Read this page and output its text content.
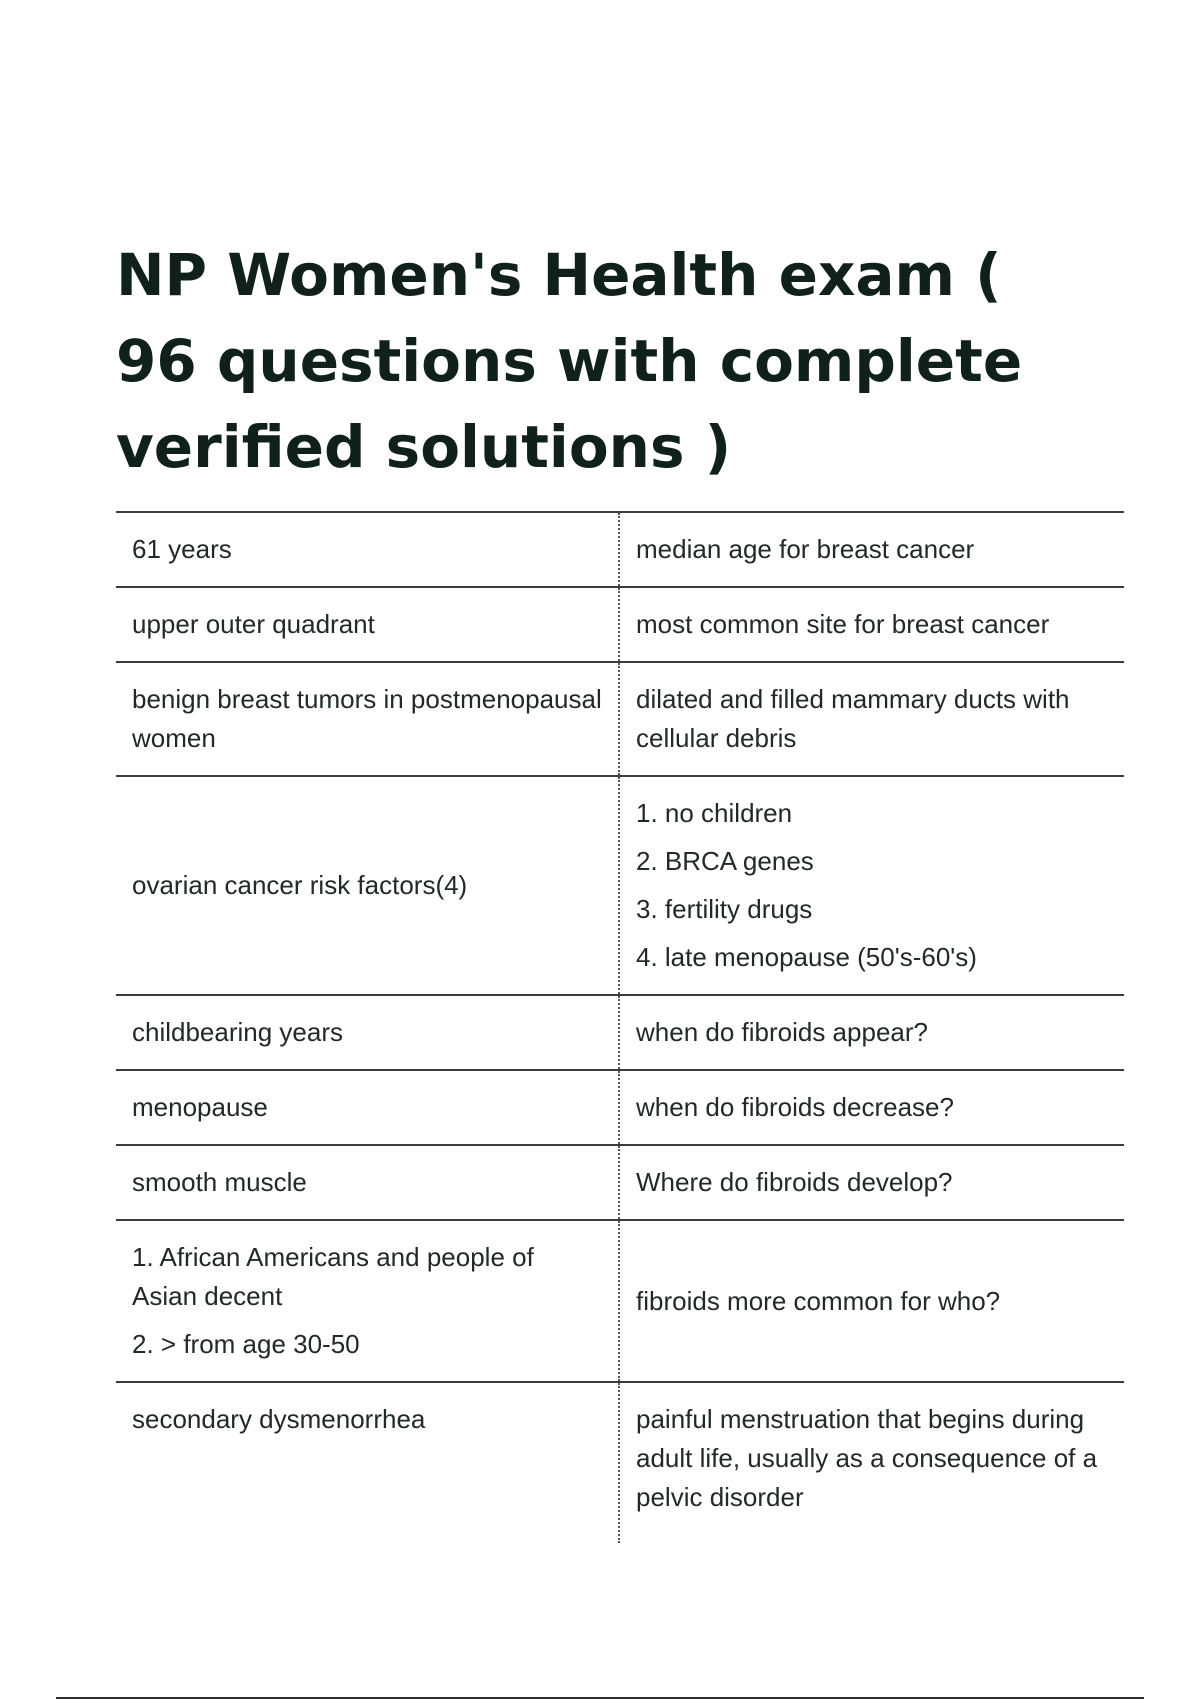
NP Women's Health exam ( 96 questions with complete verified solutions )
61 years	median age for breast cancer

upper outer quadrant	most common site for breast cancer

benign breast tumors in postmenopausal women	dilated and filled mammary ducts with cellular debris

ovarian cancer risk factors(4)	1. no children
2. BRCA genes
3. fertility drugs
4. late menopause (50's-60's)

childbearing years	when do fibroids appear?

menopause	when do fibroids decrease?

smooth muscle	Where do fibroids develop?

1. African Americans and people of Asian decent
2. > from age 30-50	fibroids more common for who?

secondary dysmenorrhea	painful menstruation that begins during adult life, usually as a consequence of a pelvic disorder
